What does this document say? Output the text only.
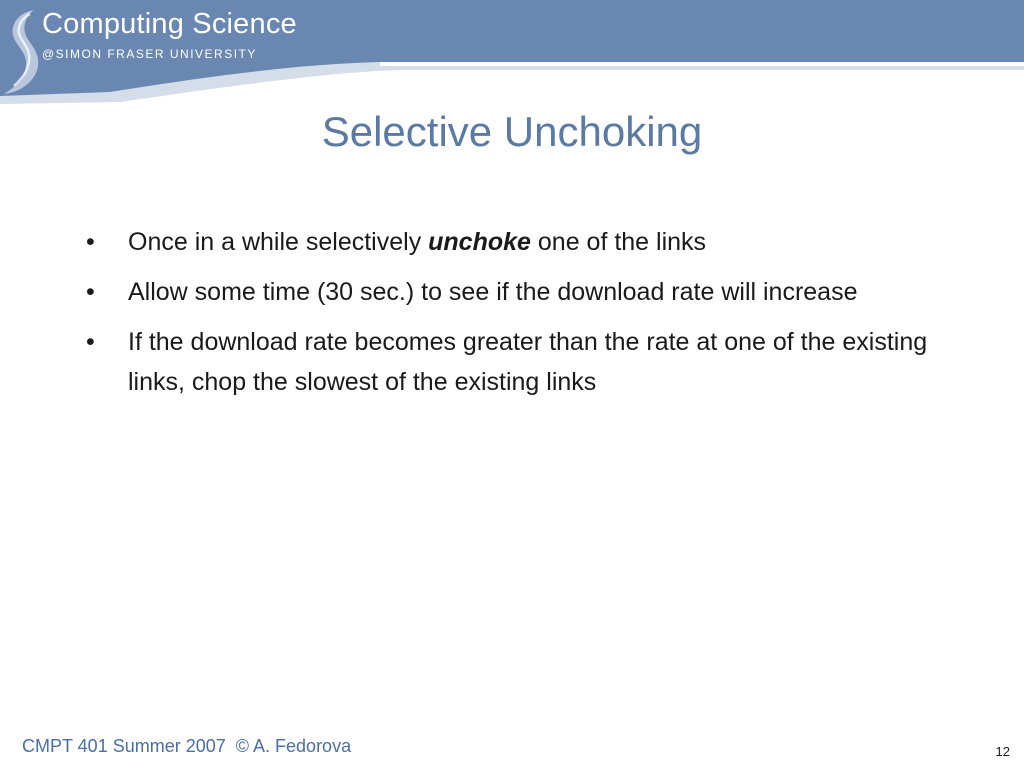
Computing Science
@SIMON FRASER UNIVERSITY
Selective Unchoking
• Once in a while selectively unchoke one of the links
• Allow some time (30 sec.) to see if the download rate will increase
• If the download rate becomes greater than the rate at one of the existing links, chop the slowest of the existing links
CMPT 401 Summer 2007  © A. Fedorova	12
